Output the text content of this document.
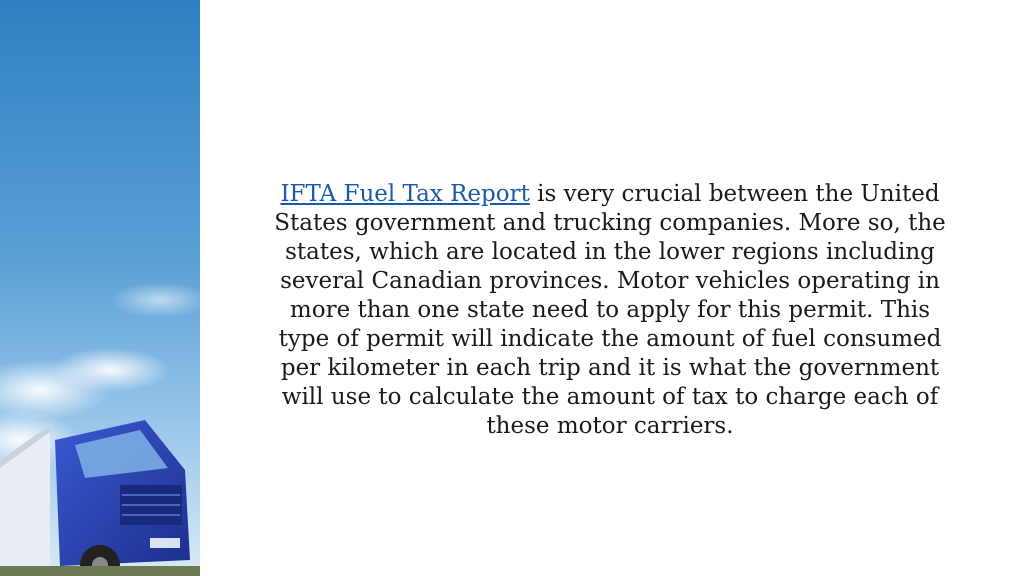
IFTA Fuel Tax Report is very crucial between the United States government and trucking companies. More so, the states, which are located in the lower regions including several Canadian provinces. Motor vehicles operating in more than one state need to apply for this permit. This type of permit will indicate the amount of fuel consumed per kilometer in each trip and it is what the government will use to calculate the amount of tax to charge each of these motor carriers.
